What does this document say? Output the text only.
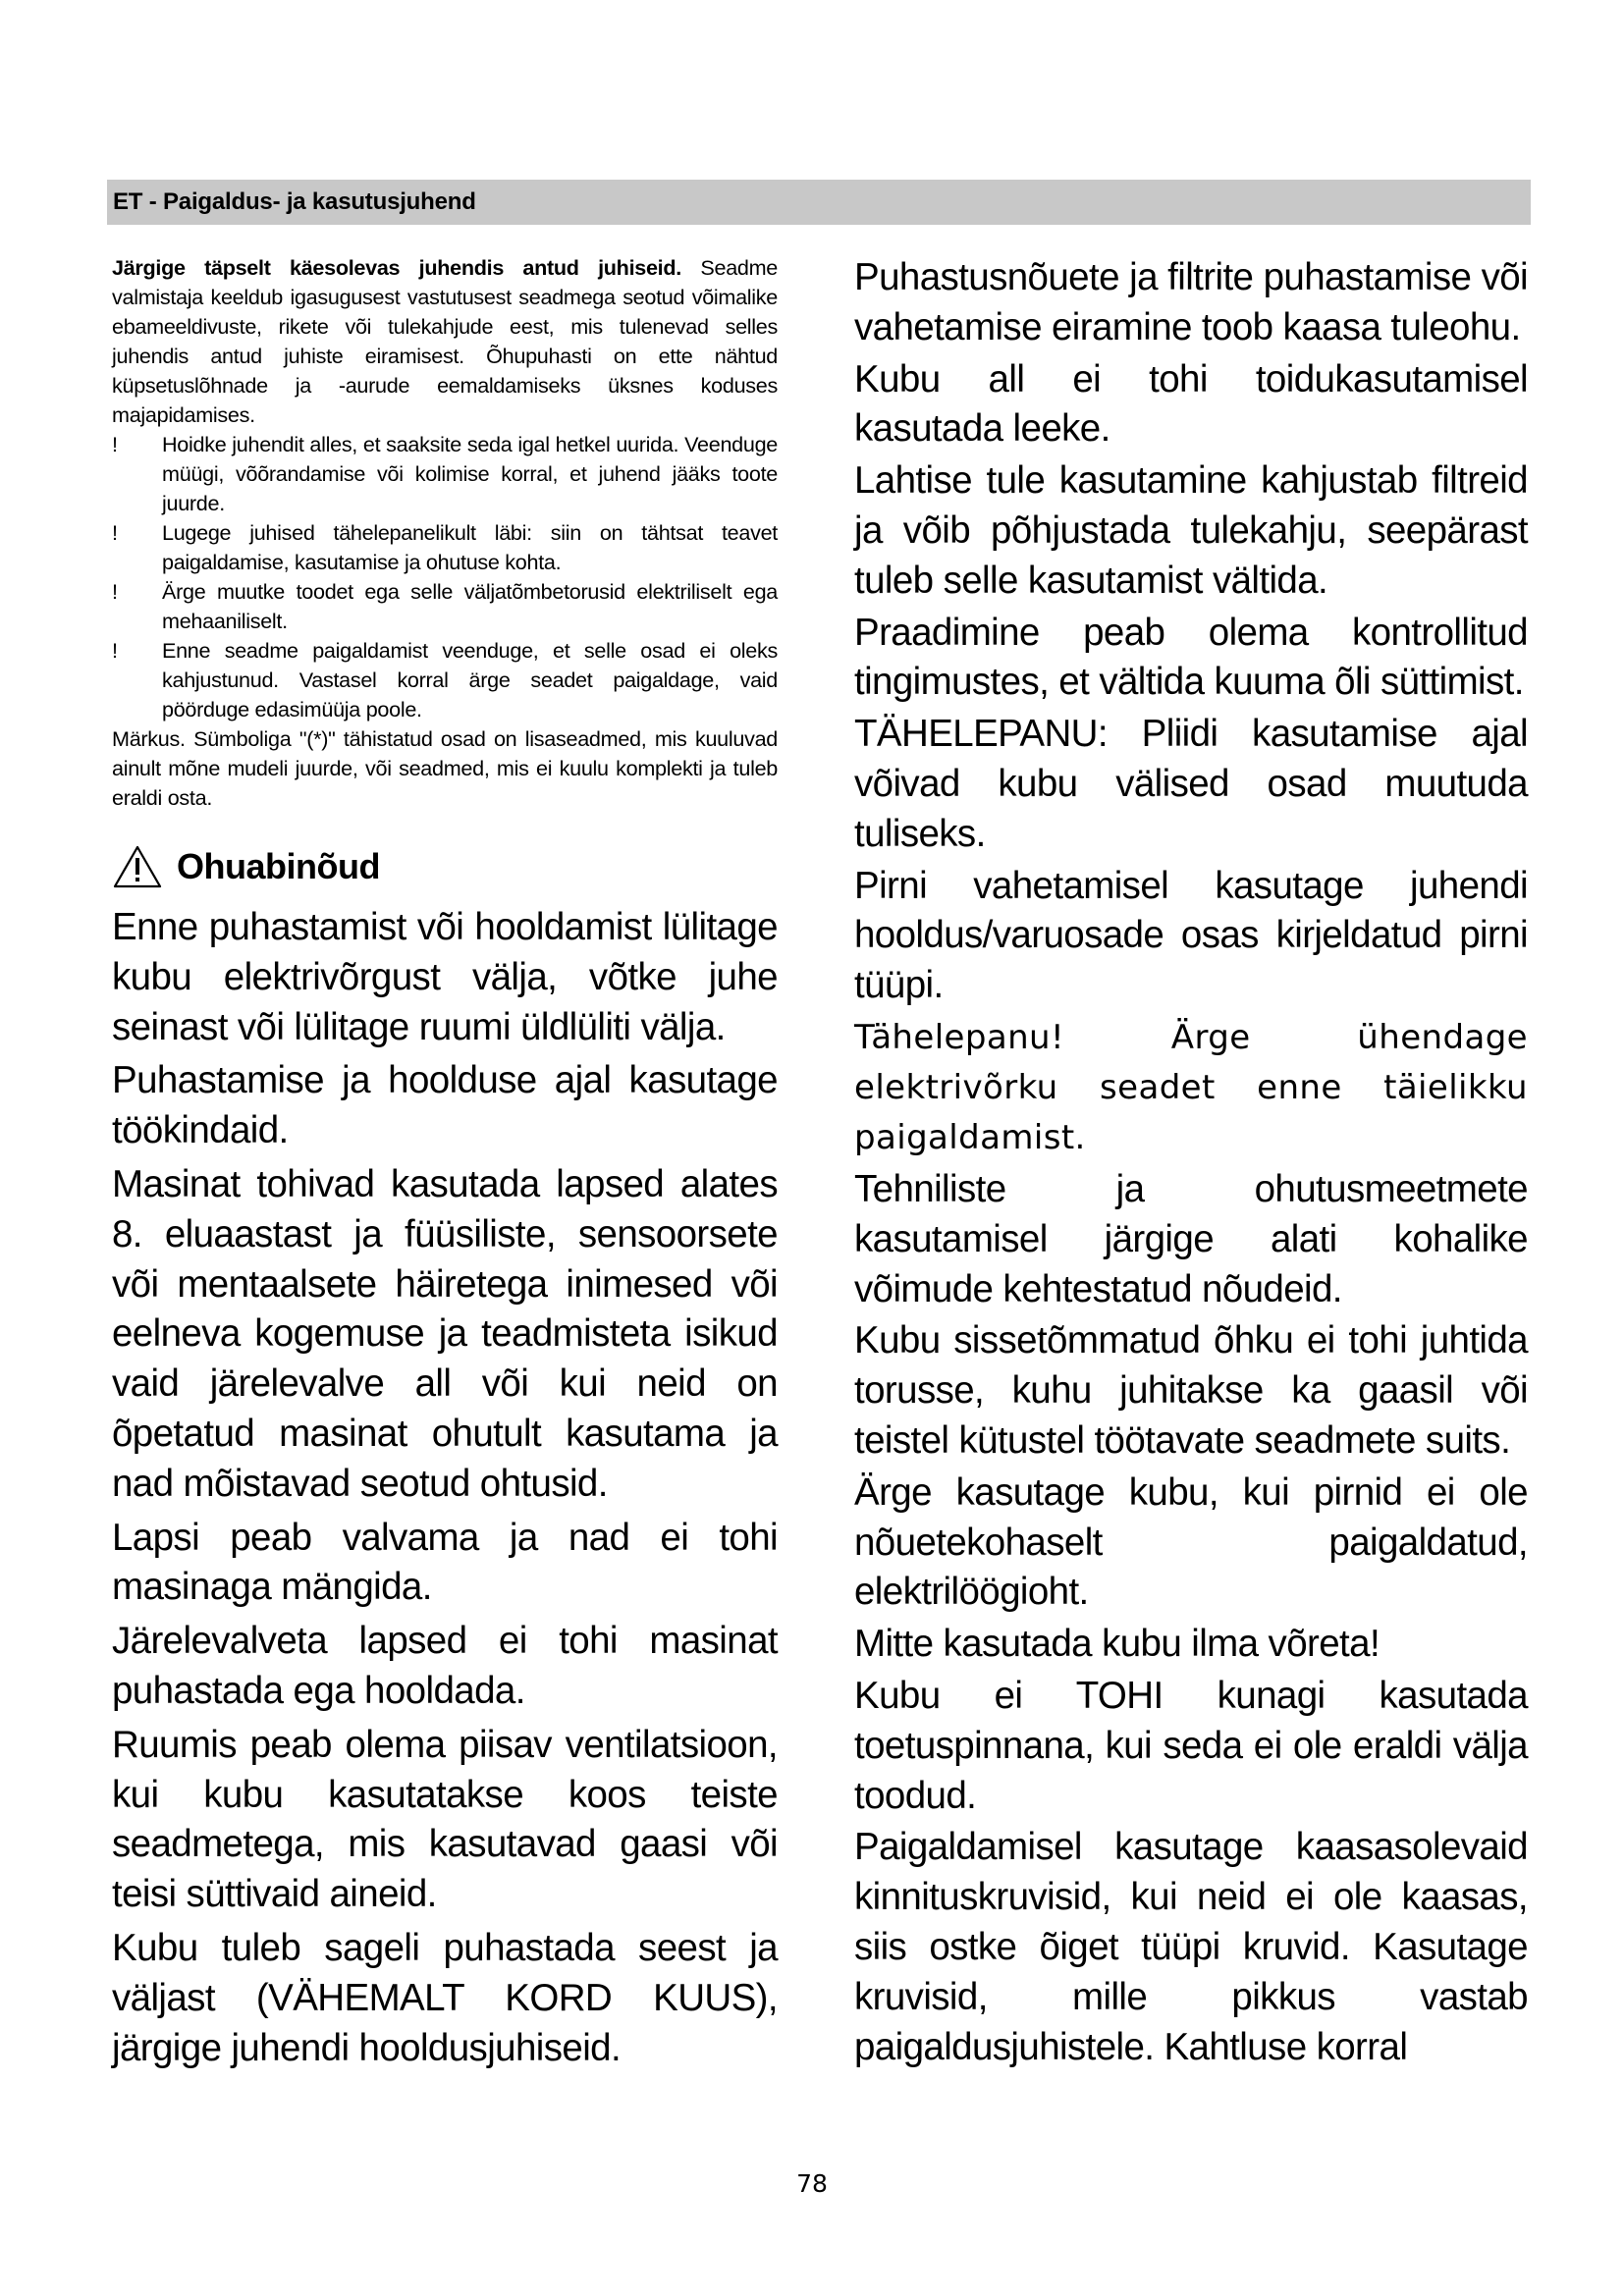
ET - Paigaldus- ja kasutusjuhend

Järgige täpselt käesolevas juhendis antud juhiseid. Seadme valmistaja keeldub igasugusest vastutusest seadmega seotud võimalike ebameeldivuste, rikete või tulekahjude eest, mis tulenevad selles juhendis antud juhiste eiramisest. Õhupuhasti on ette nähtud küpsetuslõhnade ja -aurude eemaldamiseks üksnes koduses majapidamises.

! Hoidke juhendit alles, et saaksite seda igal hetkel uurida. Veenduge müügi, võõrandamise või kolimise korral, et juhend jääks toote juurde.
! Lugege juhised tähelepanelikult läbi: siin on tähtsat teavet paigaldamise, kasutamise ja ohutuse kohta.
! Ärge muutke toodet ega selle väljatõmbetorusid elektriliselt ega mehaaniliselt.
! Enne seadme paigaldamist veenduge, et selle osad ei oleks kahjustunud. Vastasel korral ärge seadet paigaldage, vaid pöörduge edasimüüja poole.

Märkus. Sümboliga "(*)" tähistatud osad on lisaseadmed, mis kuuluvad ainult mõne mudeli juurde, või seadmed, mis ei kuulu komplekti ja tuleb eraldi osta.

Ohuabinõud

Enne puhastamist või hooldamist lülitage kubu elektrivõrgust välja, võtke juhe seinast või lülitage ruumi üldlüliti välja.

Puhastamise ja hoolduse ajal kasutage töökindaid.

Masinat tohivad kasutada lapsed alates 8. eluaastast ja füüsiliste, sensoorsete või mentaalsete häiretega inimesed või eelneva kogemuse ja teadmisteta isikud vaid järelevalve all või kui neid on õpetatud masinat ohutult kasutama ja nad mõistavad seotud ohtusid.

Lapsi peab valvama ja nad ei tohi masinaga mängida.

Järelevalveta lapsed ei tohi masinat puhastada ega hooldada.

Ruumis peab olema piisav ventilatsioon, kui kubu kasutatakse koos teiste seadmetega, mis kasutavad gaasi või teisi süttivaid aineid.

Kubu tuleb sageli puhastada seest ja väljast (VÄHEMALT KORD KUUS), järgige juhendi hooldusjuhiseid.

Puhastusnõuete ja filtrite puhastamise või vahetamise eiramine toob kaasa tuleohu.

Kubu all ei tohi toidukasutamisel kasutada leeke.

Lahtise tule kasutamine kahjustab filtreid ja võib põhjustada tulekahju, seepärast tuleb selle kasutamist vältida.

Praadimine peab olema kontrollitud tingimustes, et vältida kuuma õli süttimist.

TÄHELEPANU: Pliidi kasutamise ajal võivad kubu välised osad muutuda tuliseks.

Pirni vahetamisel kasutage juhendi hooldus/varuosade osas kirjeldatud pirni tüüpi.

Tähelepanu! Ärge ühendage elektrivõrku seadet enne täielikku paigaldamist.

Tehniliste ja ohutusmeetmete kasutamisel järgige alati kohalike võimude kehtestatud nõudeid.

Kubu sissetõmmatud õhku ei tohi juhtida torusse, kuhu juhitakse ka gaasil või teistel kütustel töötavate seadmete suits.

Ärge kasutage kubu, kui pirnid ei ole nõuetekohaselt paigaldatud, elektrilöögioht.

Mitte kasutada kubu ilma võreta!

Kubu ei TOHI kunagi kasutada toetuspinnana, kui seda ei ole eraldi välja toodud.

Paigaldamisel kasutage kaasasolevaid kinnituskruvisid, kui neid ei ole kaasas, siis ostke õiget tüüpi kruvid. Kasutage kruvisid, mille pikkus vastab paigaldusjuhistele. Kahtluse korral

78
